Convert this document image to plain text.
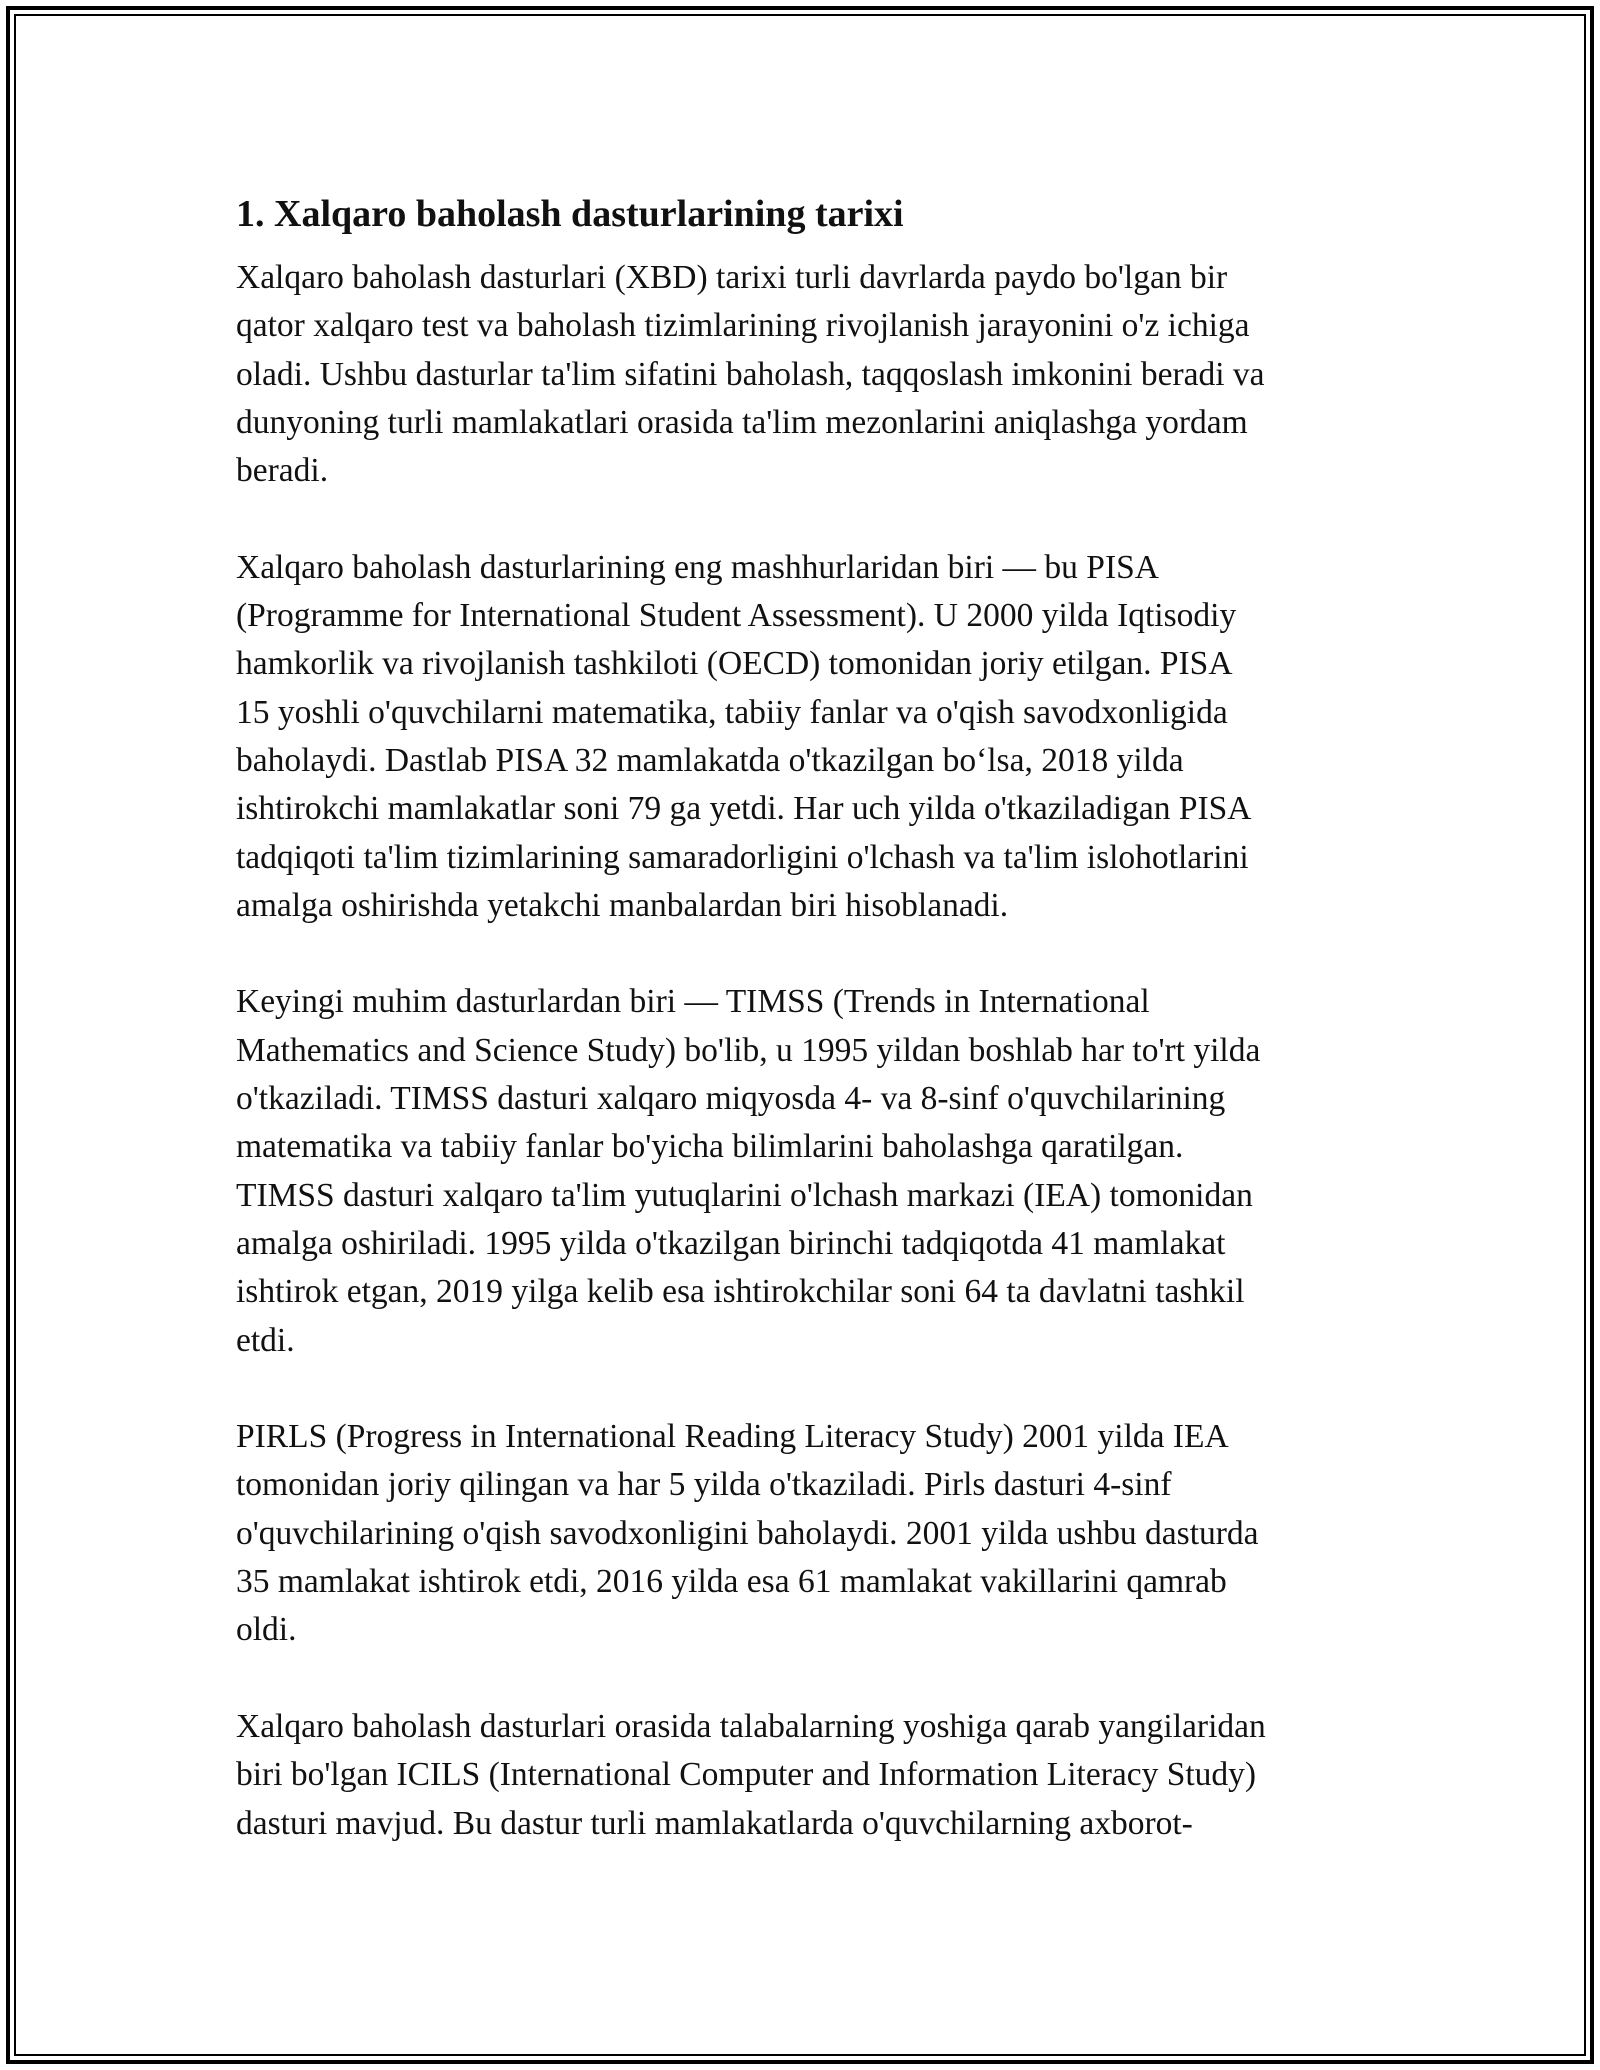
1. Xalqaro baholash dasturlarining tarixi

Xalqaro baholash dasturlari (XBD) tarixi turli davrlarda paydo bo'lgan bir
qator xalqaro test va baholash tizimlarining rivojlanish jarayonini o'z ichiga
oladi. Ushbu dasturlar ta'lim sifatini baholash, taqqoslash imkonini beradi va
dunyoning turli mamlakatlari orasida ta'lim mezonlarini aniqlashga yordam
beradi.

Xalqaro baholash dasturlarining eng mashhurlaridan biri — bu PISA
(Programme for International Student Assessment). U 2000 yilda Iqtisodiy
hamkorlik va rivojlanish tashkiloti (OECD) tomonidan joriy etilgan. PISA
15 yoshli o'quvchilarni matematika, tabiiy fanlar va o'qish savodxonligida
baholaydi. Dastlab PISA 32 mamlakatda o'tkazilgan bo‘lsa, 2018 yilda
ishtirokchi mamlakatlar soni 79 ga yetdi. Har uch yilda o'tkaziladigan PISA
tadqiqoti ta'lim tizimlarining samaradorligini o'lchash va ta'lim islohotlarini
amalga oshirishda yetakchi manbalardan biri hisoblanadi.

Keyingi muhim dasturlardan biri — TIMSS (Trends in International
Mathematics and Science Study) bo'lib, u 1995 yildan boshlab har to'rt yilda
o'tkaziladi. TIMSS dasturi xalqaro miqyosda 4- va 8-sinf o'quvchilarining
matematika va tabiiy fanlar bo'yicha bilimlarini baholashga qaratilgan.
TIMSS dasturi xalqaro ta'lim yutuqlarini o'lchash markazi (IEA) tomonidan
amalga oshiriladi. 1995 yilda o'tkazilgan birinchi tadqiqotda 41 mamlakat
ishtirok etgan, 2019 yilga kelib esa ishtirokchilar soni 64 ta davlatni tashkil
etdi.

PIRLS (Progress in International Reading Literacy Study) 2001 yilda IEA
tomonidan joriy qilingan va har 5 yilda o'tkaziladi. Pirls dasturi 4-sinf
o'quvchilarining o'qish savodxonligini baholaydi. 2001 yilda ushbu dasturda
35 mamlakat ishtirok etdi, 2016 yilda esa 61 mamlakat vakillarini qamrab
oldi.

Xalqaro baholash dasturlari orasida talabalarning yoshiga qarab yangilaridan
biri bo'lgan ICILS (International Computer and Information Literacy Study)
dasturi mavjud. Bu dastur turli mamlakatlarda o'quvchilarning axborot-
